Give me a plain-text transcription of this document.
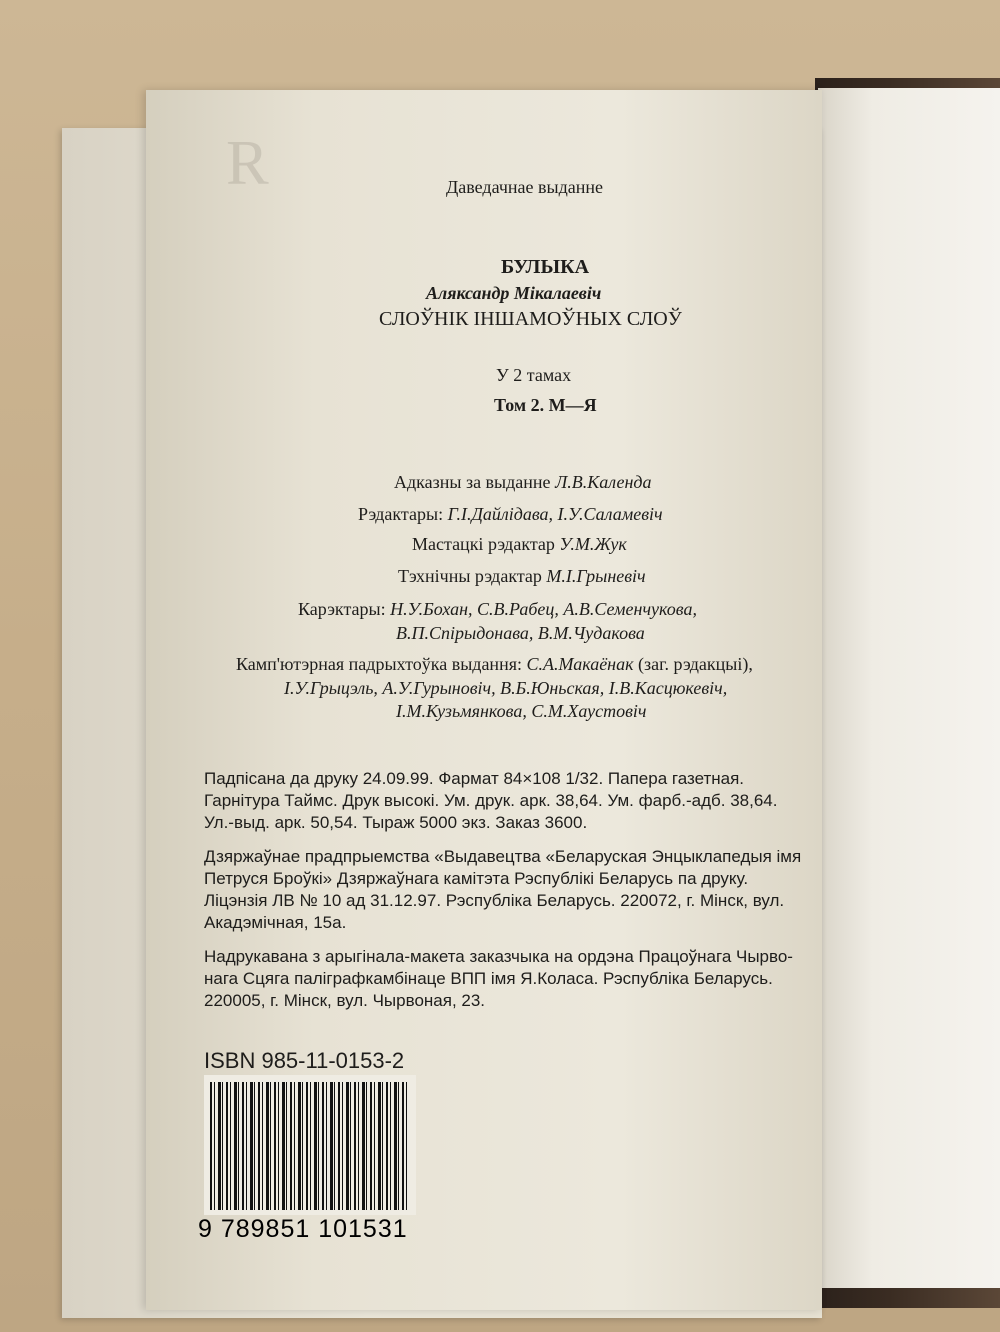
R	Даведачнае выданне
БУЛЫКА
Аляксандр Мікалаевіч
СЛОЎНІК ІНШАМОЎНЫХ СЛОЎ
У 2 тамах
Том 2. М—Я
Адказны за выданне Л.В.Календа
Рэдактары: Г.І.Дайлідава, І.У.Саламевіч
Мастацкі рэдактар У.М.Жук
Тэхнічны рэдактар М.І.Грыневіч
Карэктары: Н.У.Бохан, С.В.Рабец, А.В.Семенчукова,
В.П.Спірыдонава, В.М.Чудакова
Камп'ютэрная падрыхтоўка выдання: С.А.Макаёнак (заг. рэдакцыі),
І.У.Грыцэль, А.У.Гурыновіч, В.Б.Юньская, І.В.Касцюкевіч,
І.М.Кузьмянкова, С.М.Хаустовіч
Падпісана да друку 24.09.99. Фармат 84×108 1/32. Папера газетная.
Гарнітура Таймс. Друк высокі. Ум. друк. арк. 38,64. Ум. фарб.-адб. 38,64.
Ул.-выд. арк. 50,54. Тыраж 5000 экз. Заказ 3600.
Дзяржаўнае прадпрыемства «Выдавецтва «Беларуская Энцыклапедыя імя
Петруся Броўкі» Дзяржаўнага камітэта Рэспублікі Беларусь па друку.
Ліцэнзія ЛВ № 10 ад 31.12.97. Рэспубліка Беларусь. 220072, г. Мінск, вул.
Акадэмічная, 15а.
Надрукавана з арыгінала-макета заказчыка на ордэна Працоўнага Чырво-
нага Сцяга паліграфкамбінаце ВПП імя Я.Коласа. Рэспубліка Беларусь.
220005, г. Мінск, вул. Чырвоная, 23.
ISBN 985-11-0153-2
9 789851 101531
